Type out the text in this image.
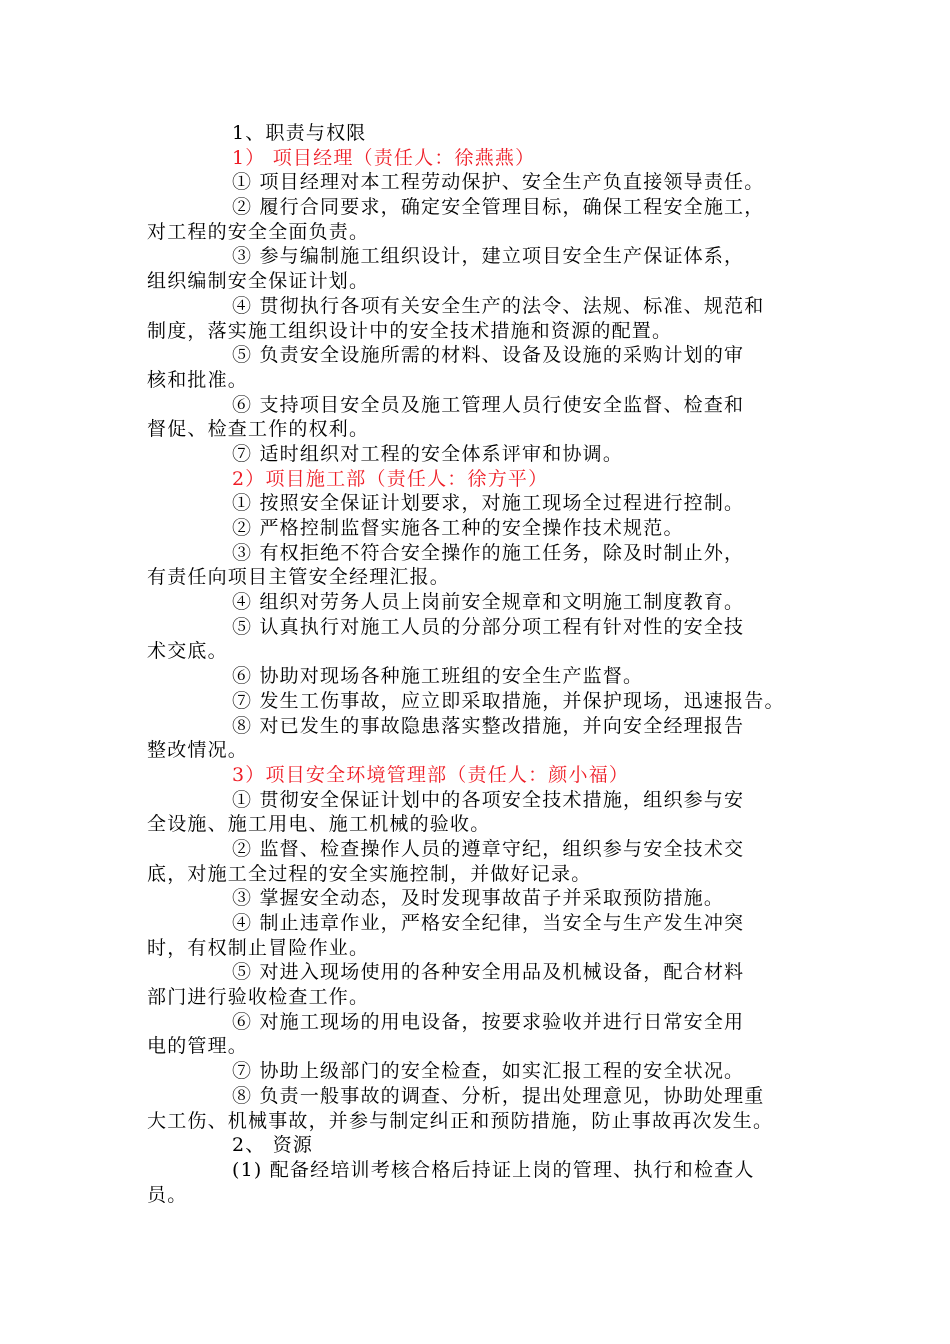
1、职责与权限
1） 项目经理（责任人：徐燕燕）
① 项目经理对本工程劳动保护、安全生产负直接领导责任。
② 履行合同要求，确定安全管理目标，确保工程安全施工，
对工程的安全全面负责。
③ 参与编制施工组织设计，建立项目安全生产保证体系，
组织编制安全保证计划。
④ 贯彻执行各项有关安全生产的法令、法规、标准、规范和
制度，落实施工组织设计中的安全技术措施和资源的配置。
⑤ 负责安全设施所需的材料、设备及设施的采购计划的审
核和批准。
⑥ 支持项目安全员及施工管理人员行使安全监督、检查和
督促、检查工作的权利。
⑦ 适时组织对工程的安全体系评审和协调。
2）项目施工部（责任人：徐方平）
① 按照安全保证计划要求，对施工现场全过程进行控制。
② 严格控制监督实施各工种的安全操作技术规范。
③ 有权拒绝不符合安全操作的施工任务，除及时制止外，
有责任向项目主管安全经理汇报。
④ 组织对劳务人员上岗前安全规章和文明施工制度教育。
⑤ 认真执行对施工人员的分部分项工程有针对性的安全技
术交底。
⑥ 协助对现场各种施工班组的安全生产监督。
⑦ 发生工伤事故，应立即采取措施，并保护现场，迅速报告。
⑧ 对已发生的事故隐患落实整改措施，并向安全经理报告
整改情况。
3）项目安全环境管理部（责任人：颜小福）
① 贯彻安全保证计划中的各项安全技术措施，组织参与安
全设施、施工用电、施工机械的验收。
② 监督、检查操作人员的遵章守纪，组织参与安全技术交
底，对施工全过程的安全实施控制，并做好记录。
③ 掌握安全动态，及时发现事故苗子并采取预防措施。
④ 制止违章作业，严格安全纪律，当安全与生产发生冲突
时，有权制止冒险作业。
⑤ 对进入现场使用的各种安全用品及机械设备，配合材料
部门进行验收检查工作。
⑥ 对施工现场的用电设备，按要求验收并进行日常安全用
电的管理。
⑦ 协助上级部门的安全检查，如实汇报工程的安全状况。
⑧ 负责一般事故的调查、分析，提出处理意见，协助处理重
大工伤、机械事故，并参与制定纠正和预防措施，防止事故再次发生。
2、 资源
(1) 配备经培训考核合格后持证上岗的管理、执行和检查人
员。
